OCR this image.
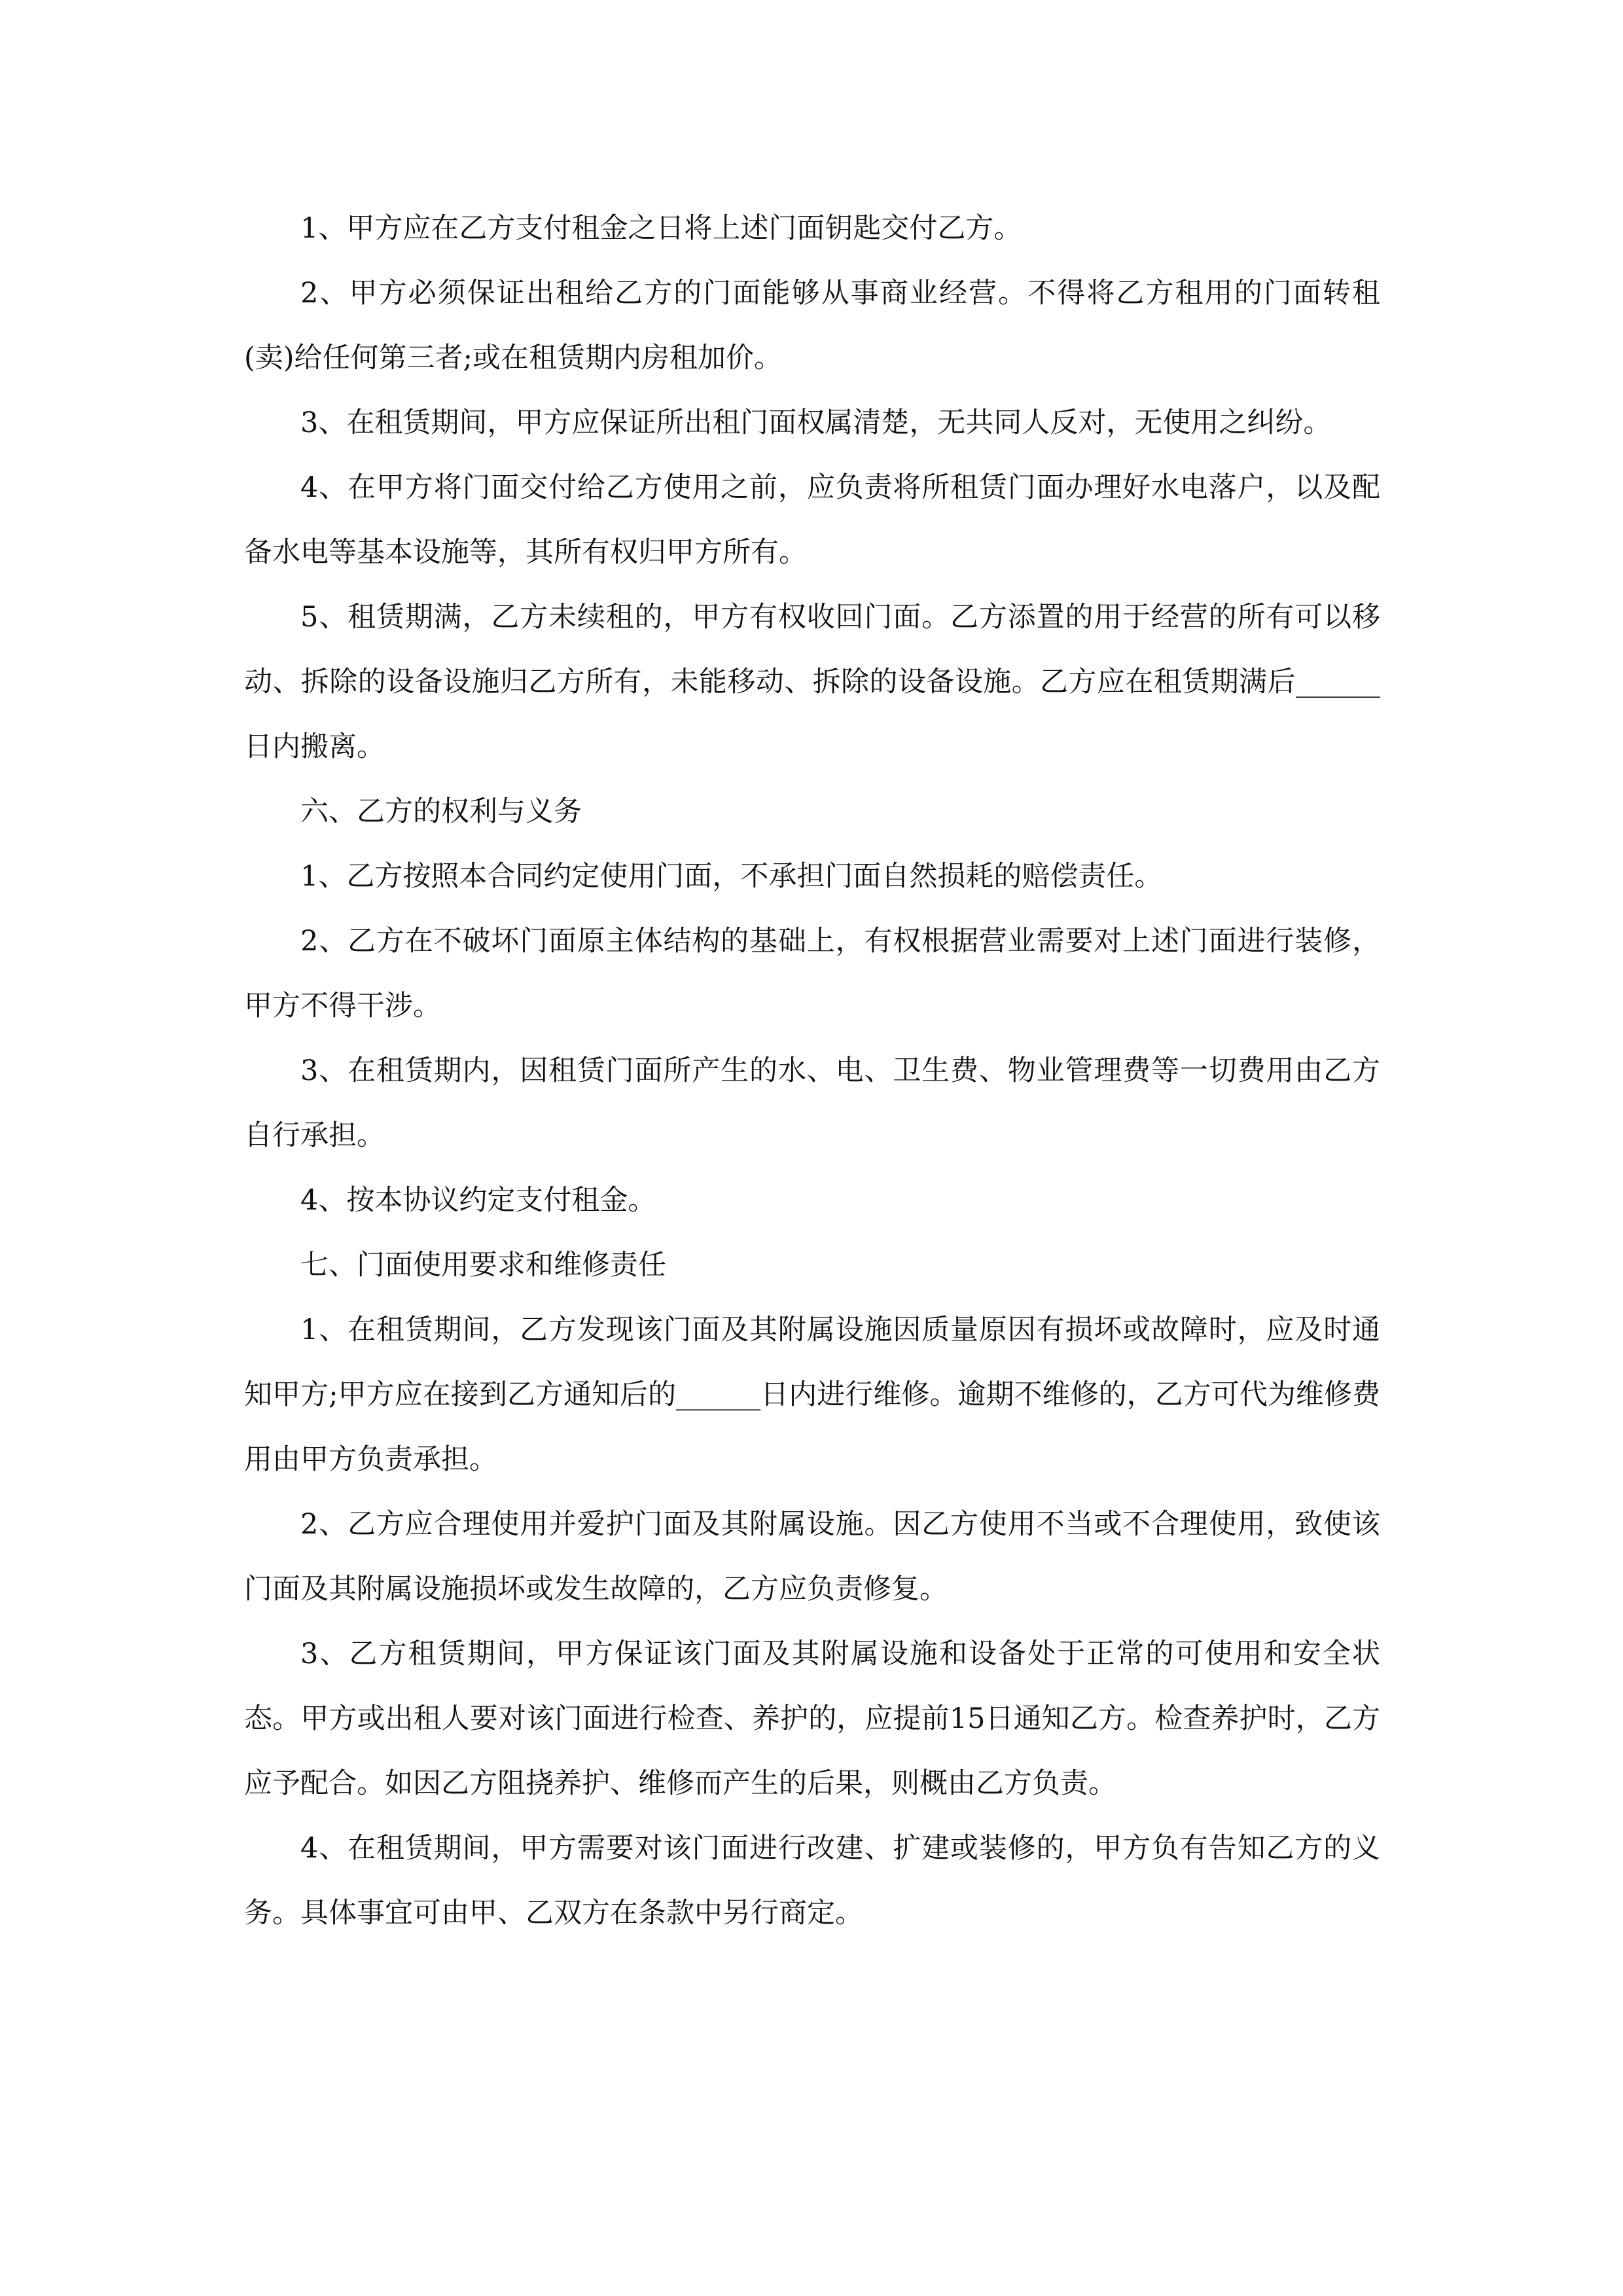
1、甲方应在乙方支付租金之日将上述门面钥匙交付乙方。

2、甲方必须保证出租给乙方的门面能够从事商业经营。不得将乙方租用的门面转租(卖)给任何第三者;或在租赁期内房租加价。

3、在租赁期间，甲方应保证所出租门面权属清楚，无共同人反对，无使用之纠纷。

4、在甲方将门面交付给乙方使用之前，应负责将所租赁门面办理好水电落户，以及配备水电等基本设施等，其所有权归甲方所有。

5、租赁期满，乙方未续租的，甲方有权收回门面。乙方添置的用于经营的所有可以移动、拆除的设备设施归乙方所有，未能移动、拆除的设备设施。乙方应在租赁期满后______日内搬离。

六、乙方的权利与义务

1、乙方按照本合同约定使用门面，不承担门面自然损耗的赔偿责任。

2、乙方在不破坏门面原主体结构的基础上，有权根据营业需要对上述门面进行装修，甲方不得干涉。

3、在租赁期内，因租赁门面所产生的水、电、卫生费、物业管理费等一切费用由乙方自行承担。

4、按本协议约定支付租金。

七、门面使用要求和维修责任

1、在租赁期间，乙方发现该门面及其附属设施因质量原因有损坏或故障时，应及时通知甲方;甲方应在接到乙方通知后的______日内进行维修。逾期不维修的，乙方可代为维修费用由甲方负责承担。

2、乙方应合理使用并爱护门面及其附属设施。因乙方使用不当或不合理使用，致使该门面及其附属设施损坏或发生故障的，乙方应负责修复。

3、乙方租赁期间，甲方保证该门面及其附属设施和设备处于正常的可使用和安全状态。甲方或出租人要对该门面进行检查、养护的，应提前15日通知乙方。检查养护时，乙方应予配合。如因乙方阻挠养护、维修而产生的后果，则概由乙方负责。

4、在租赁期间，甲方需要对该门面进行改建、扩建或装修的，甲方负有告知乙方的义务。具体事宜可由甲、乙双方在条款中另行商定。
